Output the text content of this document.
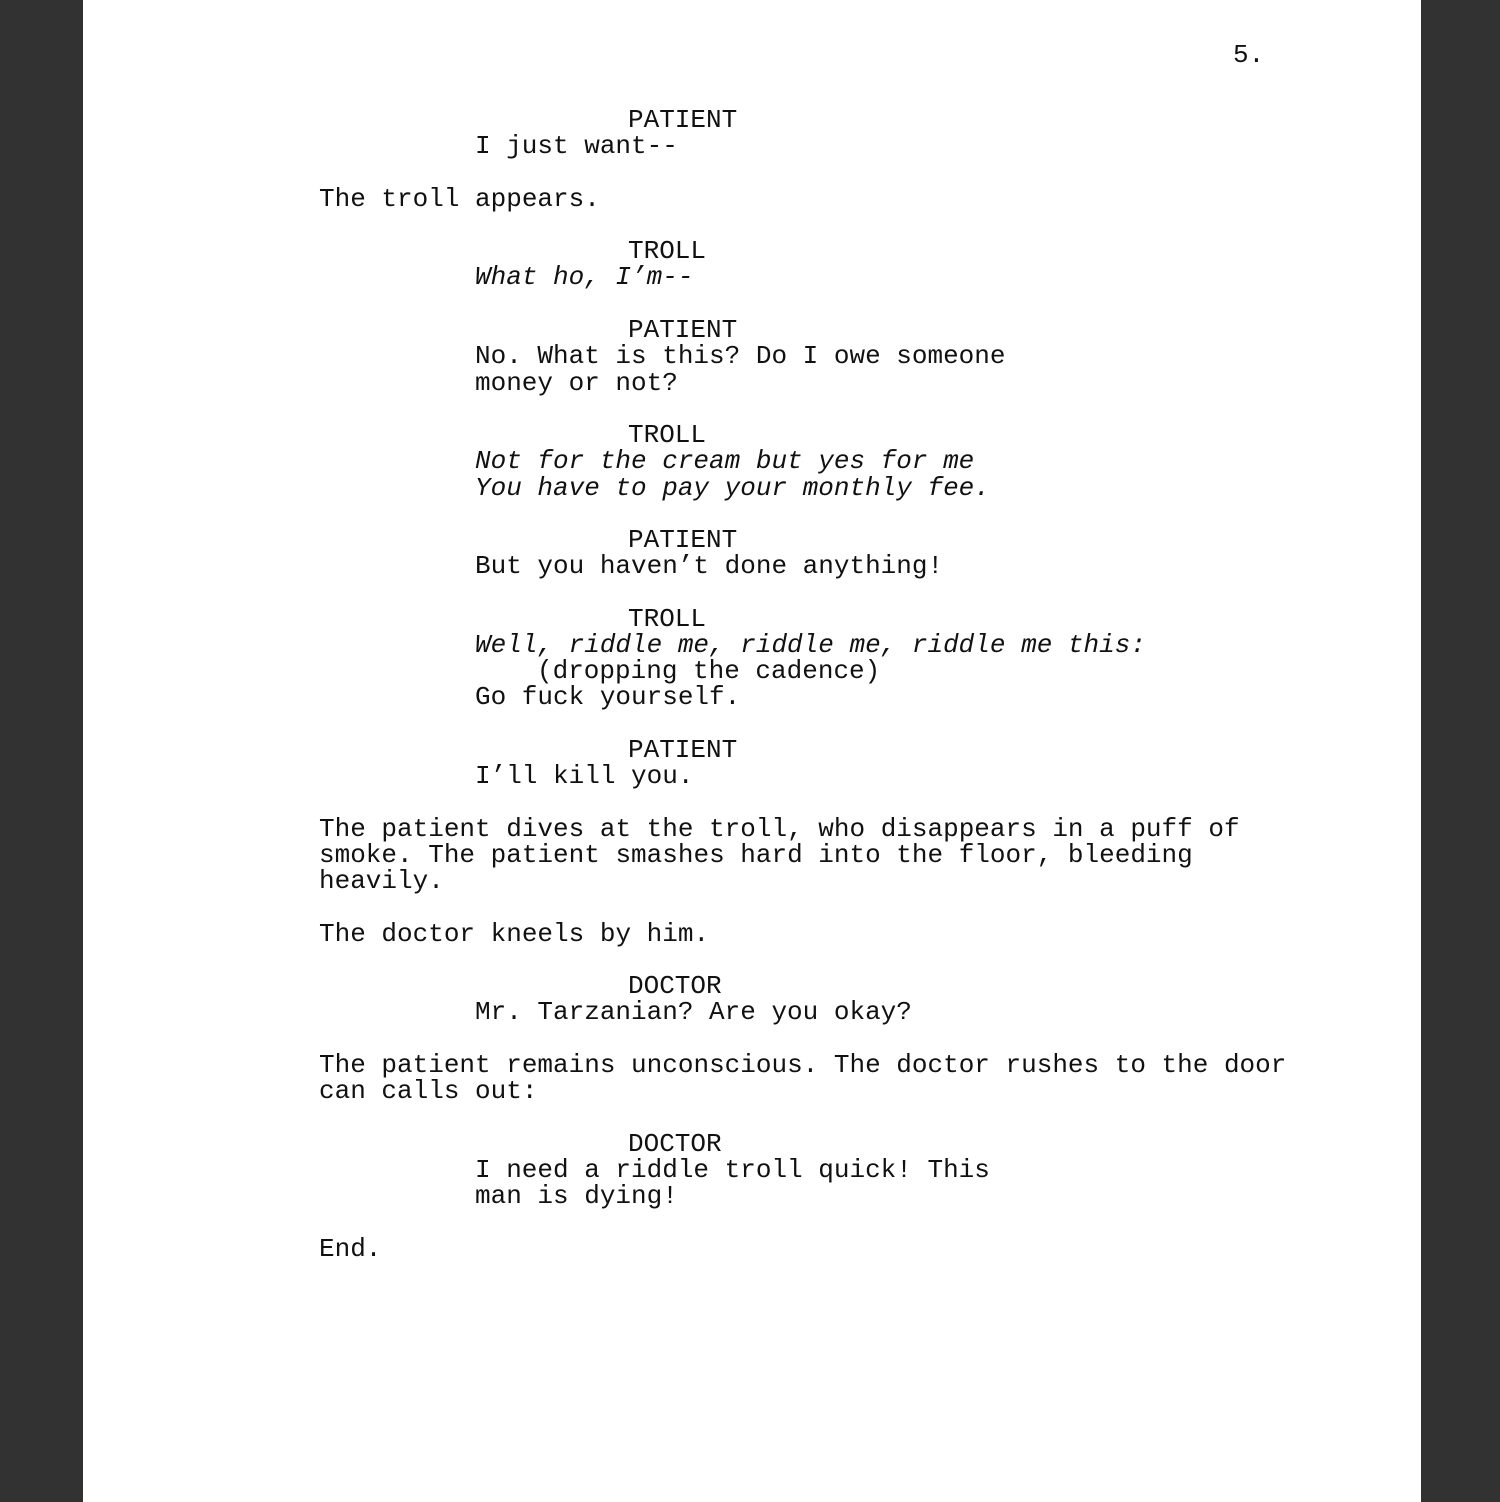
5.
PATIENT
I just want--
The troll appears.
TROLL
What ho, I’m--
PATIENT
No. What is this? Do I owe someone
money or not?
TROLL
Not for the cream but yes for me
You have to pay your monthly fee.
PATIENT
But you haven’t done anything!
TROLL
Well, riddle me, riddle me, riddle me this:
(dropping the cadence)
Go fuck yourself.
PATIENT
I’ll kill you.
The patient dives at the troll, who disappears in a puff of
smoke. The patient smashes hard into the floor, bleeding
heavily.
The doctor kneels by him.
DOCTOR
Mr. Tarzanian? Are you okay?
The patient remains unconscious. The doctor rushes to the door
can calls out:
DOCTOR
I need a riddle troll quick! This
man is dying!
End.
